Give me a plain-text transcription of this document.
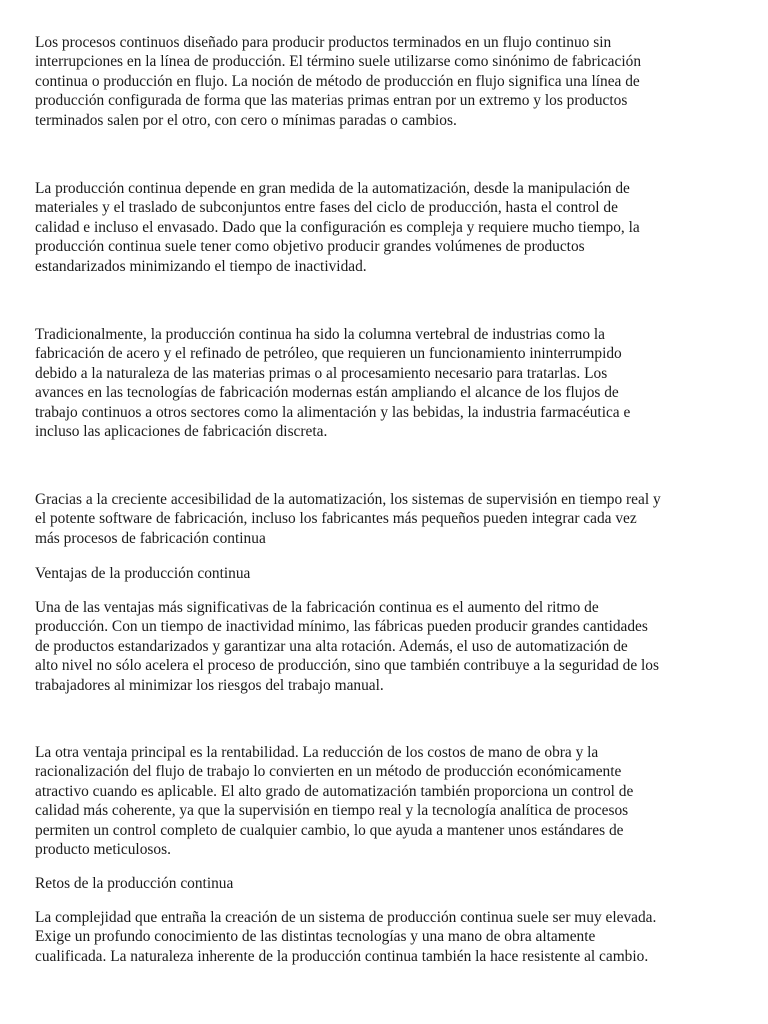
Los procesos continuos diseñado para producir productos terminados en un flujo continuo sin
interrupciones en la línea de producción. El término suele utilizarse como sinónimo de fabricación
continua o producción en flujo. La noción de método de producción en flujo significa una línea de
producción configurada de forma que las materias primas entran por un extremo y los productos
terminados salen por el otro, con cero o mínimas paradas o cambios.

La producción continua depende en gran medida de la automatización, desde la manipulación de
materiales y el traslado de subconjuntos entre fases del ciclo de producción, hasta el control de
calidad e incluso el envasado. Dado que la configuración es compleja y requiere mucho tiempo, la
producción continua suele tener como objetivo producir grandes volúmenes de productos
estandarizados minimizando el tiempo de inactividad.

Tradicionalmente, la producción continua ha sido la columna vertebral de industrias como la
fabricación de acero y el refinado de petróleo, que requieren un funcionamiento ininterrumpido
debido a la naturaleza de las materias primas o al procesamiento necesario para tratarlas. Los
avances en las tecnologías de fabricación modernas están ampliando el alcance de los flujos de
trabajo continuos a otros sectores como la alimentación y las bebidas, la industria farmacéutica e
incluso las aplicaciones de fabricación discreta.

Gracias a la creciente accesibilidad de la automatización, los sistemas de supervisión en tiempo real y
el potente software de fabricación, incluso los fabricantes más pequeños pueden integrar cada vez
más procesos de fabricación continua

Ventajas de la producción continua

Una de las ventajas más significativas de la fabricación continua es el aumento del ritmo de
producción. Con un tiempo de inactividad mínimo, las fábricas pueden producir grandes cantidades
de productos estandarizados y garantizar una alta rotación. Además, el uso de automatización de
alto nivel no sólo acelera el proceso de producción, sino que también contribuye a la seguridad de los
trabajadores al minimizar los riesgos del trabajo manual.

La otra ventaja principal es la rentabilidad. La reducción de los costos de mano de obra y la
racionalización del flujo de trabajo lo convierten en un método de producción económicamente
atractivo cuando es aplicable. El alto grado de automatización también proporciona un control de
calidad más coherente, ya que la supervisión en tiempo real y la tecnología analítica de procesos
permiten un control completo de cualquier cambio, lo que ayuda a mantener unos estándares de
producto meticulosos.

Retos de la producción continua

La complejidad que entraña la creación de un sistema de producción continua suele ser muy elevada.
Exige un profundo conocimiento de las distintas tecnologías y una mano de obra altamente
cualificada. La naturaleza inherente de la producción continua también la hace resistente al cambio.
